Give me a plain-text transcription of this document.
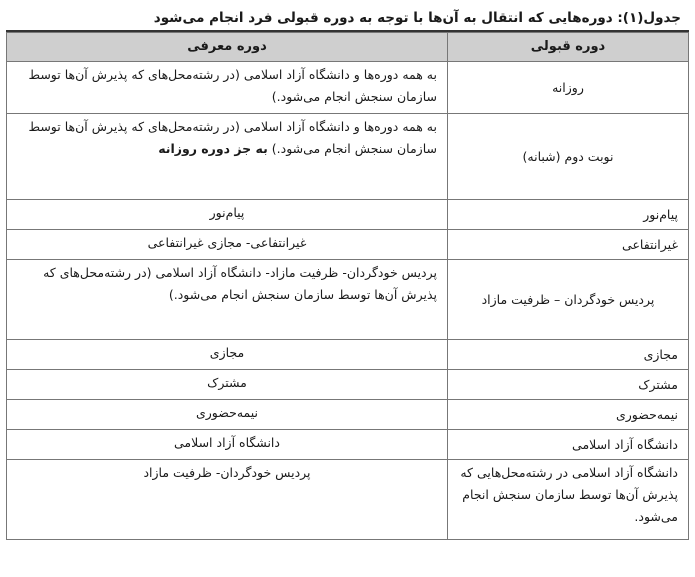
جدول(۱): دوره‌هایی که انتقال به آن‌ها با توجه به دوره قبولی فرد انجام می‌شود
دوره قبولی	دوره معرفی
روزانه	به همه دوره‌ها و دانشگاه آزاد اسلامی (در رشته‌محل‌های که پذیرش آن‌ها توسط سازمان سنجش انجام می‌شود.)
نوبت دوم (شبانه)	به همه دوره‌ها و دانشگاه آزاد اسلامی (در رشته‌محل‌های که پذیرش آن‌ها توسط سازمان سنجش انجام می‌شود.) به جز دوره روزانه
پیام‌نور	پیام‌نور
غیرانتفاعی	غیرانتفاعی- مجازی غیرانتفاعی
پردیس خودگردان – ظرفیت مازاد	پردیس خودگردان- ظرفیت مازاد- دانشگاه آزاد اسلامی (در رشته‌محل‌های که پذیرش آن‌ها توسط سازمان سنجش انجام می‌شود.)
مجازی	مجازی
مشترک	مشترک
نیمه‌حضوری	نیمه‌حضوری
دانشگاه آزاد اسلامی	دانشگاه آزاد اسلامی
دانشگاه آزاد اسلامی در رشته‌محل‌هایی که پذیرش آن‌ها توسط سازمان سنجش انجام می‌شود.	پردیس خودگردان- ظرفیت مازاد
